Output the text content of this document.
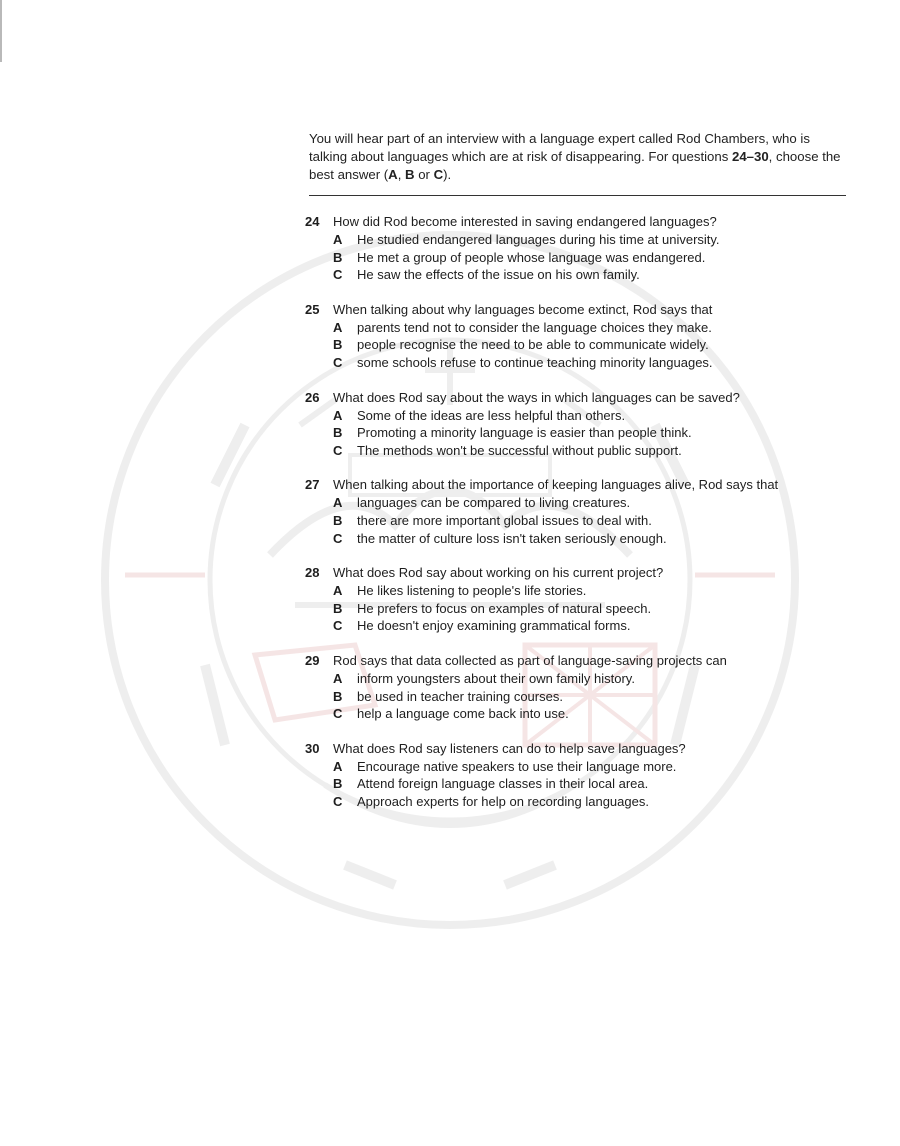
You will hear part of an interview with a language expert called Rod Chambers, who is talking about languages which are at risk of disappearing. For questions 24–30, choose the best answer (A, B or C).
24	How did Rod become interested in saving endangered languages?
A	He studied endangered languages during his time at university.
B	He met a group of people whose language was endangered.
C	He saw the effects of the issue on his own family.
25	When talking about why languages become extinct, Rod says that
A	parents tend not to consider the language choices they make.
B	people recognise the need to be able to communicate widely.
C	some schools refuse to continue teaching minority languages.
26	What does Rod say about the ways in which languages can be saved?
A	Some of the ideas are less helpful than others.
B	Promoting a minority language is easier than people think.
C	The methods won't be successful without public support.
27	When talking about the importance of keeping languages alive, Rod says that
A	languages can be compared to living creatures.
B	there are more important global issues to deal with.
C	the matter of culture loss isn't taken seriously enough.
28	What does Rod say about working on his current project?
A	He likes listening to people's life stories.
B	He prefers to focus on examples of natural speech.
C	He doesn't enjoy examining grammatical forms.
29	Rod says that data collected as part of language-saving projects can
A	inform youngsters about their own family history.
B	be used in teacher training courses.
C	help a language come back into use.
30	What does Rod say listeners can do to help save languages?
A	Encourage native speakers to use their language more.
B	Attend foreign language classes in their local area.
C	Approach experts for help on recording languages.
